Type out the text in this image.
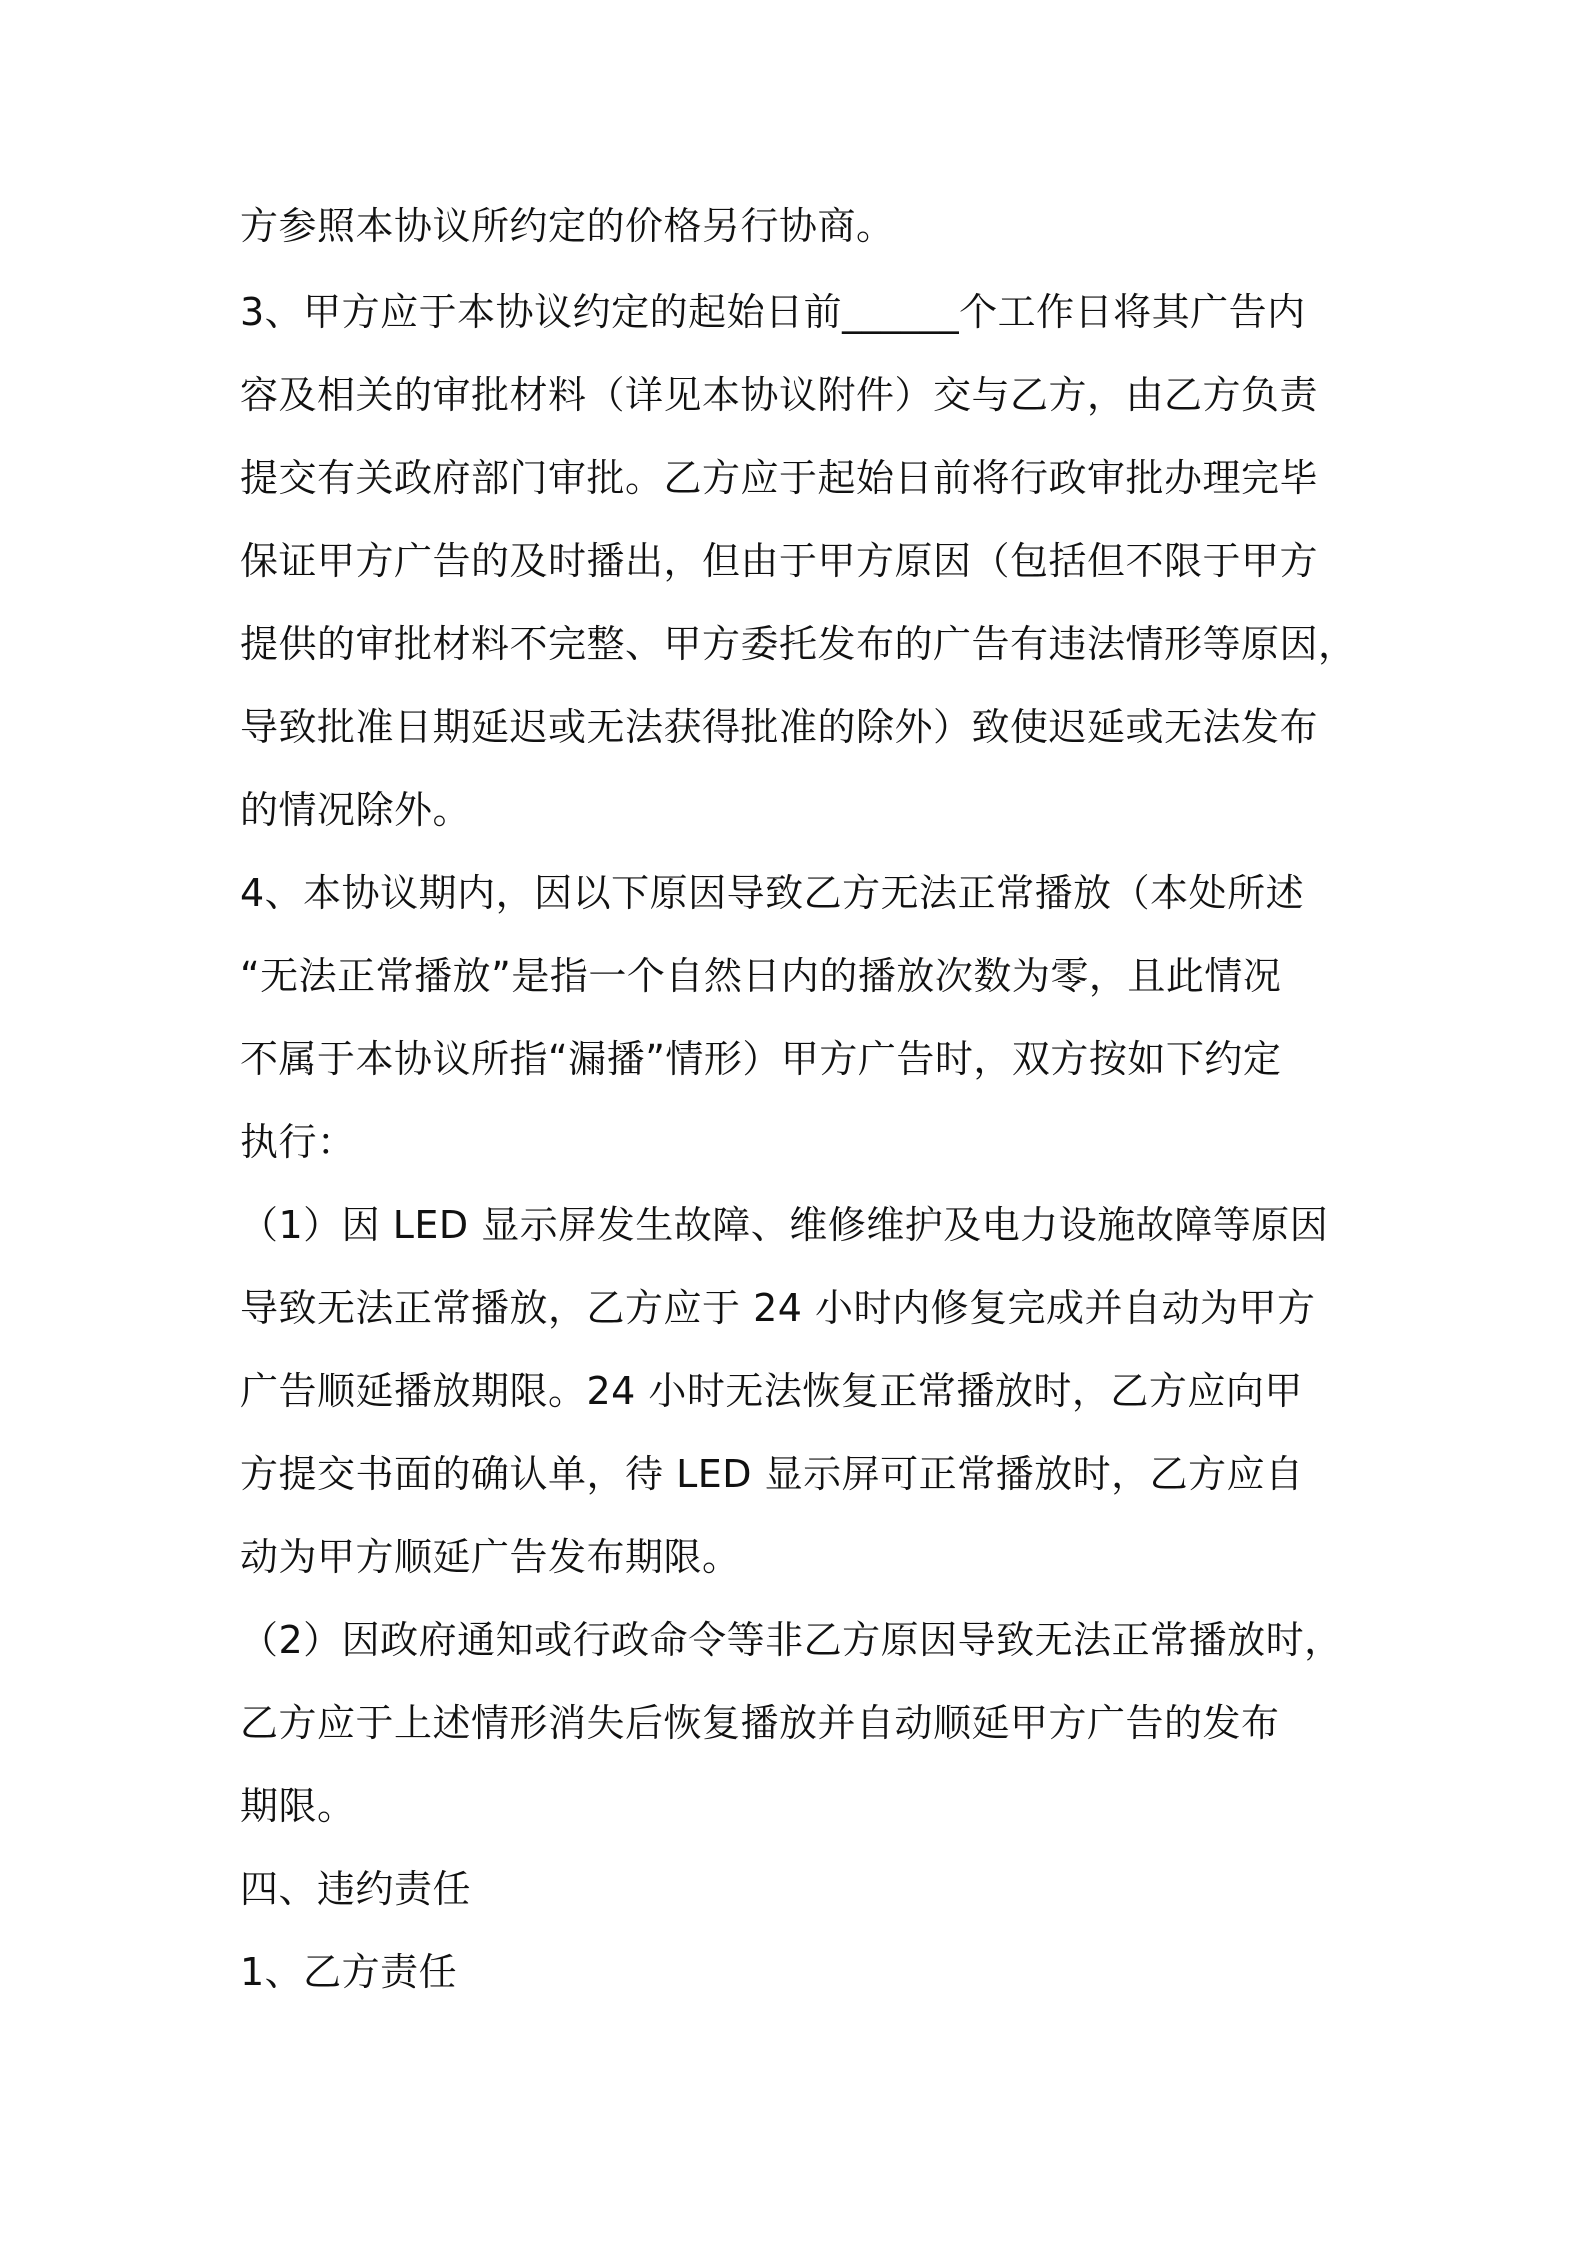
方参照本协议所约定的价格另行协商。
3、甲方应于本协议约定的起始日前______个工作日将其广告内
容及相关的审批材料（详见本协议附件）交与乙方，由乙方负责
提交有关政府部门审批。乙方应于起始日前将行政审批办理完毕
保证甲方广告的及时播出，但由于甲方原因（包括但不限于甲方
提供的审批材料不完整、甲方委托发布的广告有违法情形等原因，
导致批准日期延迟或无法获得批准的除外）致使迟延或无法发布
的情况除外。
4、本协议期内，因以下原因导致乙方无法正常播放（本处所述
“无法正常播放”是指一个自然日内的播放次数为零，且此情况
不属于本协议所指“漏播”情形）甲方广告时，双方按如下约定
执行：
（1）因 LED 显示屏发生故障、维修维护及电力设施故障等原因
导致无法正常播放，乙方应于 24 小时内修复完成并自动为甲方
广告顺延播放期限。24 小时无法恢复正常播放时，乙方应向甲
方提交书面的确认单，待 LED 显示屏可正常播放时，乙方应自
动为甲方顺延广告发布期限。
（2）因政府通知或行政命令等非乙方原因导致无法正常播放时，
乙方应于上述情形消失后恢复播放并自动顺延甲方广告的发布
期限。
四、违约责任
1、乙方责任
